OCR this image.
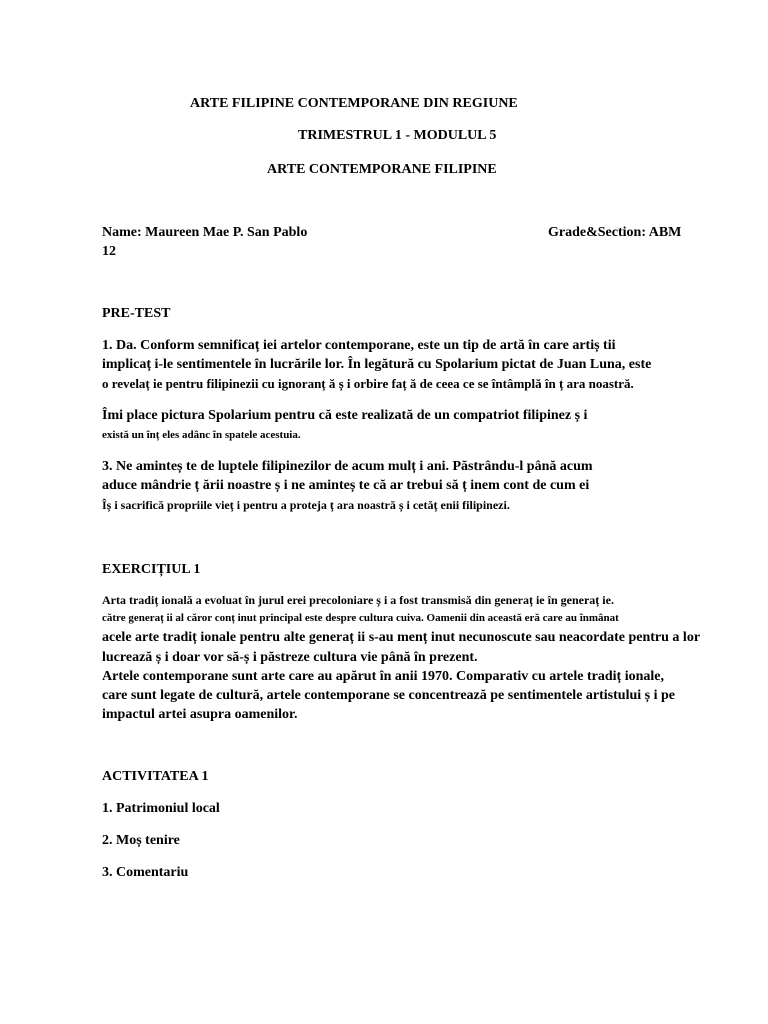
ARTE FILIPINE CONTEMPORANE DIN REGIUNE
TRIMESTRUL 1 - MODULUL 5
ARTE CONTEMPORANE FILIPINE
Name: Maureen Mae P. San Pablo	Grade&Section: ABM
12
PRE-TEST
1. Da. Conform semnificaț iei artelor contemporane, este un tip de artă în care artiș tii
implicaț i-le sentimentele în lucrările lor. În legătură cu Spolarium pictat de Juan Luna, este
o revelaț ie pentru filipinezii cu ignoranț ă ș i orbire faț ă de ceea ce se întâmplă în ț ara noastră.
Îmi place pictura Spolarium pentru că este realizată de un compatriot filipinez ș i
există un înț eles adânc în spatele acestuia.
3. Ne aminteș te de luptele filipinezilor de acum mulț i ani. Păstrându-l până acum
aduce mândrie ț ării noastre ș i ne aminteș te că ar trebui să ț inem cont de cum ei
Îș i sacrifică propriile vieț i pentru a proteja ț ara noastră ș i cetăț enii filipinezi.
EXERCIȚIUL 1
Arta tradiț ională a evoluat în jurul erei precoloniare ș i a fost transmisă din generaț ie în generaț ie.
către generaț ii al căror conț inut principal este despre cultura cuiva. Oamenii din această eră care au înmânat
acele arte tradiț ionale pentru alte generaț ii s-au menț inut necunoscute sau neacordate pentru a lor
lucrează ș i doar vor să-ș i păstreze cultura vie până în prezent.
Artele contemporane sunt arte care au apărut în anii 1970. Comparativ cu artele tradiț ionale,
care sunt legate de cultură, artele contemporane se concentrează pe sentimentele artistului ș i pe
impactul artei asupra oamenilor.
ACTIVITATEA 1
1. Patrimoniul local
2. Moș tenire
3. Comentariu
